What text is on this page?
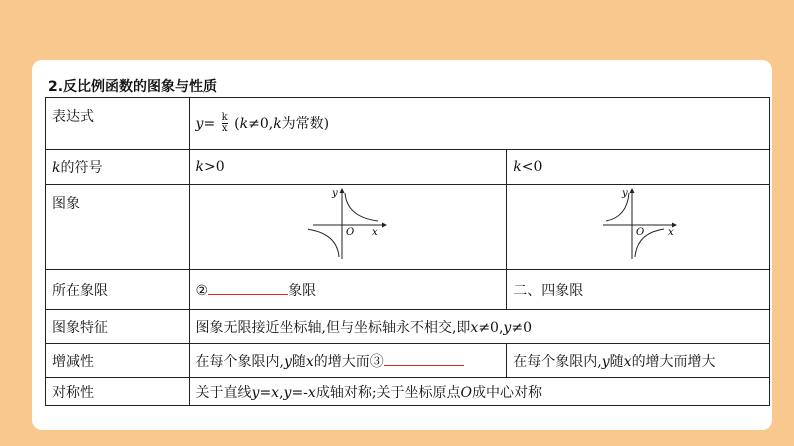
2.反比例函数的图象与性质
表达式	$y= \frac{k}{x} (k\ne 0,k$为常数)	
k的符号	k>0	k<0
图象	y
x
O	y
x
O

所在象限	② 象限	二、四象限
图象特征	图象无限接近坐标轴,但与坐标轴永不相交,即x≠0,y≠0	
增减性	在每个象限内,y随x的增大而③	在每个象限内,y随x的增大而增大
对称性	关于直线y=x,y=-x成轴对称;关于坐标原点O成中心对称	
